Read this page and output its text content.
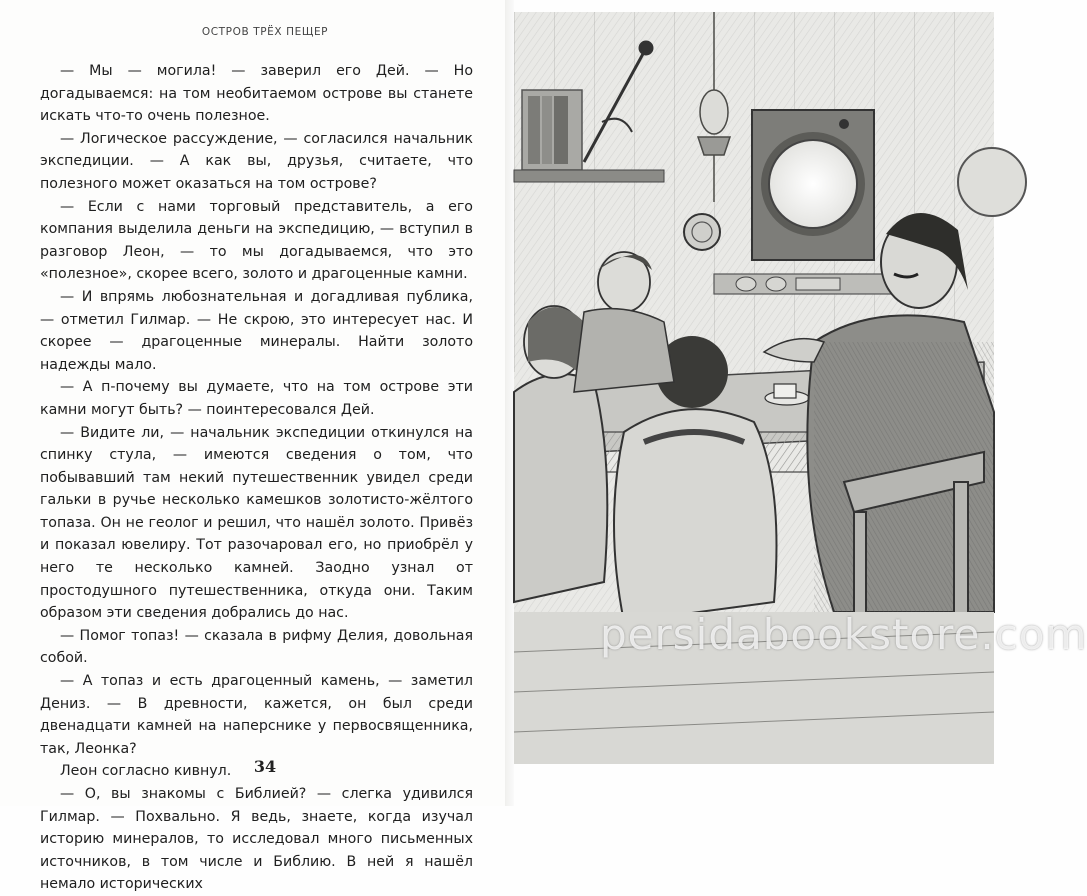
ОСТРОВ ТРЁХ ПЕЩЕР

— Мы — могила! — заверил его Дей. — Но догадываемся: на том необитаемом острове вы станете искать что-то очень полезное.

— Логическое рассуждение, — согласился начальник экспедиции. — А как вы, друзья, считаете, что полезного может оказаться на том острове?

— Если с нами торговый представитель, а его компания выделила деньги на экспедицию, — вступил в разговор Леон, — то мы догадываемся, что это «полезное», скорее всего, золото и драгоценные камни.

— И впрямь любознательная и догадливая публика, — отметил Гилмар. — Не скрою, это интересует нас. И скорее — драгоценные минералы. Найти золото надежды мало.

— А п-почему вы думаете, что на том острове эти камни могут быть? — поинтересовался Дей.

— Видите ли, — начальник экспедиции откинулся на спинку стула, — имеются сведения о том, что побывавший там некий путешественник увидел среди гальки в ручье несколько камешков золотисто-жёлтого топаза. Он не геолог и решил, что нашёл золото. Привёз и показал ювелиру. Тот разочаровал его, но приобрёл у него те несколько камней. Заодно узнал от простодушного путешественника, откуда они. Таким образом эти сведения добрались до нас.

— Помог топаз! — сказала в рифму Делия, довольная собой.

— А топаз и есть драгоценный камень, — заметил Дениз. — В древности, кажется, он был среди двенадцати камней на наперснике у первосвященника, так, Леонка?

Леон согласно кивнул.

— О, вы знакомы с Библией? — слегка удивился Гилмар. — Похвально. Я ведь, знаете, когда изучал историю минералов, то исследовал много письменных источников, в том числе и Библию. В ней я нашёл немало исторических

34
persidabookstore.com
